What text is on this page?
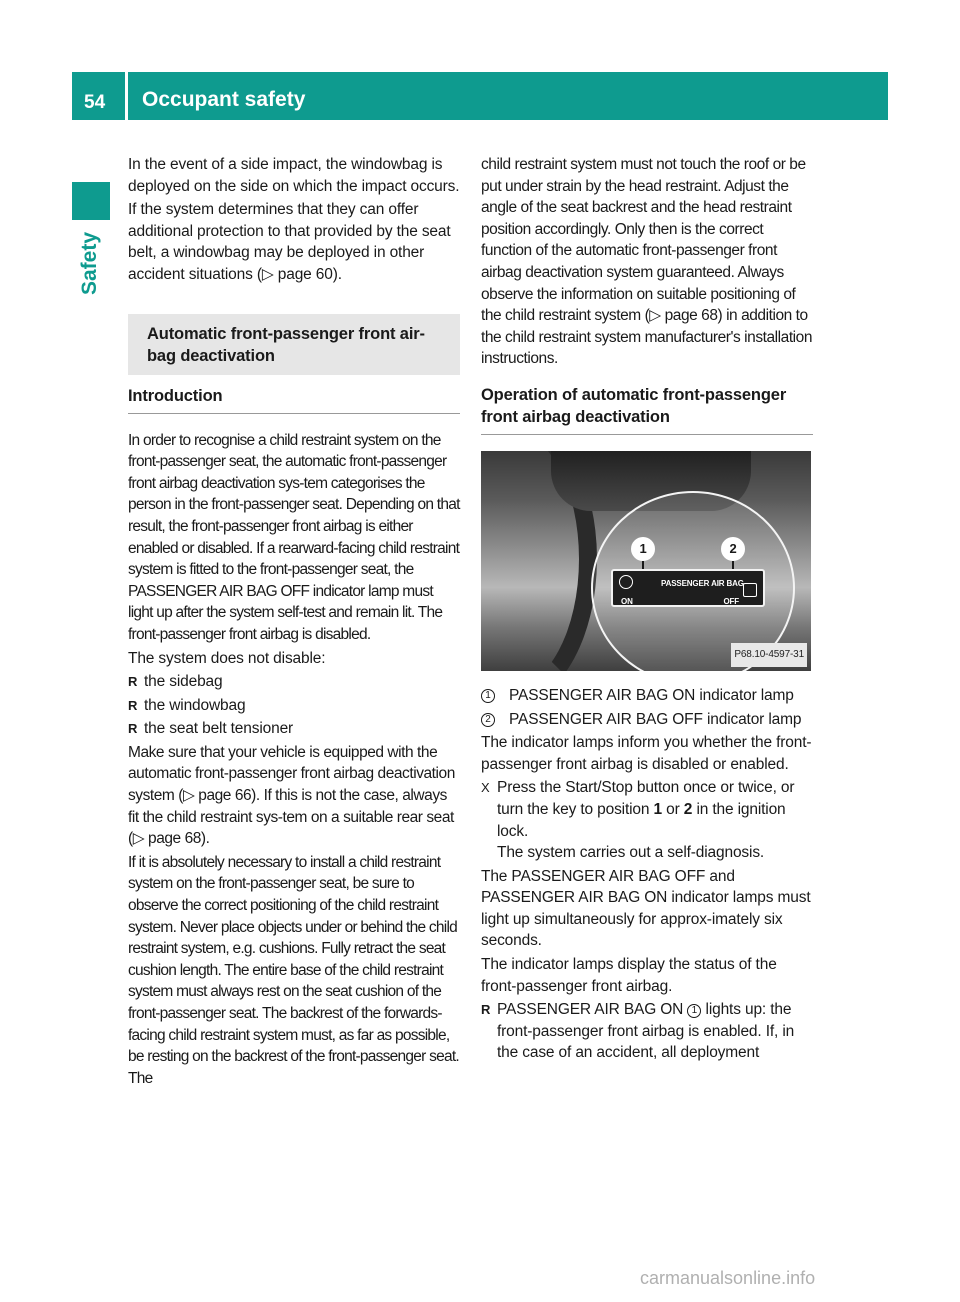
54 Occupant safety
Safety

In the event of a side impact, the windowbag is deployed on the side on which the impact occurs.

If the system determines that they can offer additional protection to that provided by the seat belt, a windowbag may be deployed in other accident situations (▷ page 60).

Automatic front-passenger front air-bag deactivation
Introduction

In order to recognise a child restraint system on the front-passenger seat, the automatic front-passenger front airbag deactivation sys-tem categorises the person in the front-passenger seat. Depending on that result, the front-passenger front airbag is either enabled or disabled. If a rearward-facing child restraint system is fitted to the front-passenger seat, the PASSENGER AIR BAG OFF indicator lamp must light up after the system self-test and remain lit. The front-passenger front airbag is disabled.

The system does not disable:

R the sidebag
R the windowbag
R the seat belt tensioner

Make sure that your vehicle is equipped with the automatic front-passenger front airbag deactivation system (▷ page 66). If this is not the case, always fit the child restraint sys-tem on a suitable rear seat (▷ page 68).

If it is absolutely necessary to install a child restraint system on the front-passenger seat, be sure to observe the correct positioning of the child restraint system. Never place objects under or behind the child restraint system, e.g. cushions. Fully retract the seat cushion length. The entire base of the child restraint system must always rest on the seat cushion of the front-passenger seat. The backrest of the forwards-facing child restraint system must, as far as possible, be resting on the backrest of the front-passenger seat. The

child restraint system must not touch the roof or be put under strain by the head restraint. Adjust the angle of the seat backrest and the head restraint position accordingly. Only then is the correct function of the automatic front-passenger front airbag deactivation system guaranteed. Always observe the information on suitable positioning of the child restraint system (▷ page 68) in addition to the child restraint system manufacturer's installation instructions.

Operation of automatic front-passenger front airbag deactivation
1	2
ON
PASSENGER AIR BAG
OFF
P68.10-4597-31
1 PASSENGER AIR BAG ON indicator lamp
2 PASSENGER AIR BAG OFF indicator lamp

The indicator lamps inform you whether the front-passenger front airbag is disabled or enabled.

X Press the Start/Stop button once or twice, or turn the key to position 1 or 2 in the ignition lock.
The system carries out a self-diagnosis.

The PASSENGER AIR BAG OFF and PASSENGER AIR BAG ON indicator lamps must light up simultaneously for approx-imately six seconds.

The indicator lamps display the status of the front-passenger front airbag.

R PASSENGER AIR BAG ON 1 lights up: the front-passenger front airbag is enabled. If, in the case of an accident, all deployment
carmanualsonline.info
